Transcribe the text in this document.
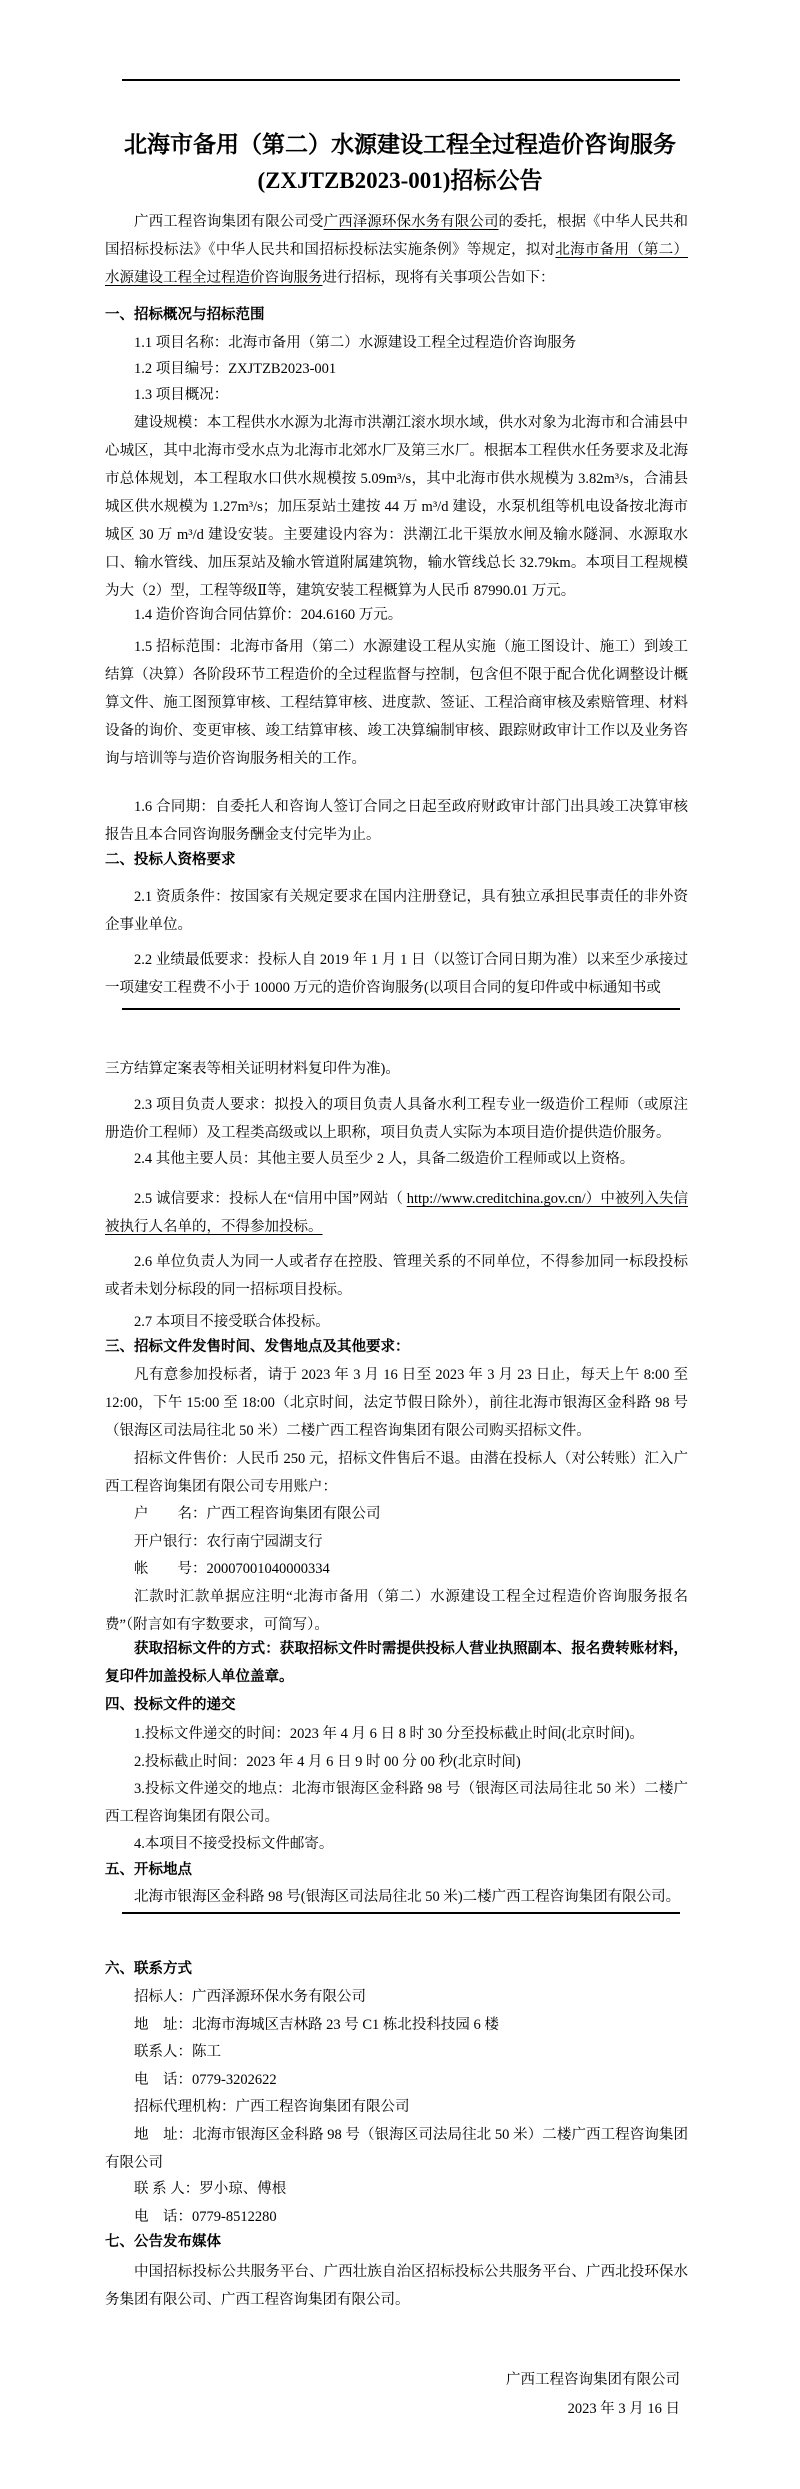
北海市备用（第二）水源建设工程全过程造价咨询服务
(ZXJTZB2023-001)招标公告

广西工程咨询集团有限公司受广西泽源环保水务有限公司的委托，根据《中华人民共和国招标投标法》《中华人民共和国招标投标法实施条例》等规定，拟对北海市备用（第二）水源建设工程全过程造价咨询服务进行招标，现将有关事项公告如下：

一、招标概况与招标范围

1.1 项目名称：北海市备用（第二）水源建设工程全过程造价咨询服务

1.2 项目编号：ZXJTZB2023-001

1.3 项目概况：

建设规模：本工程供水水源为北海市洪潮江滚水坝水域，供水对象为北海市和合浦县中心城区，其中北海市受水点为北海市北郊水厂及第三水厂。根据本工程供水任务要求及北海市总体规划，本工程取水口供水规模按 5.09m³/s，其中北海市供水规模为 3.82m³/s，合浦县城区供水规模为 1.27m³/s；加压泵站土建按 44 万 m³/d 建设，水泵机组等机电设备按北海市城区 30 万 m³/d 建设安装。主要建设内容为：洪潮江北干渠放水闸及输水隧洞、水源取水口、输水管线、加压泵站及输水管道附属建筑物，输水管线总长 32.79km。本项目工程规模为大（2）型，工程等级Ⅱ等，建筑安装工程概算为人民币 87990.01 万元。

1.4 造价咨询合同估算价：204.6160 万元。

1.5 招标范围：北海市备用（第二）水源建设工程从实施（施工图设计、施工）到竣工结算（决算）各阶段环节工程造价的全过程监督与控制，包含但不限于配合优化调整设计概算文件、施工图预算审核、工程结算审核、进度款、签证、工程洽商审核及索赔管理、材料设备的询价、变更审核、竣工结算审核、竣工决算编制审核、跟踪财政审计工作以及业务咨询与培训等与造价咨询服务相关的工作。

1.6 合同期：自委托人和咨询人签订合同之日起至政府财政审计部门出具竣工决算审核报告且本合同咨询服务酬金支付完毕为止。

二、投标人资格要求

2.1 资质条件：按国家有关规定要求在国内注册登记，具有独立承担民事责任的非外资企事业单位。

2.2 业绩最低要求：投标人自 2019 年 1 月 1 日（以签订合同日期为准）以来至少承接过一项建安工程费不小于 10000 万元的造价咨询服务(以项目合同的复印件或中标通知书或

三方结算定案表等相关证明材料复印件为准)。

2.3 项目负责人要求：拟投入的项目负责人具备水利工程专业一级造价工程师（或原注册造价工程师）及工程类高级或以上职称，项目负责人实际为本项目造价提供造价服务。

2.4 其他主要人员：其他主要人员至少 2 人，具备二级造价工程师或以上资格。

2.5 诚信要求：投标人在“信用中国”网站（ http://www.creditchina.gov.cn/）中被列入失信被执行人名单的，不得参加投标。

2.6 单位负责人为同一人或者存在控股、管理关系的不同单位，不得参加同一标段投标或者未划分标段的同一招标项目投标。

2.7 本项目不接受联合体投标。

三、招标文件发售时间、发售地点及其他要求：

凡有意参加投标者，请于 2023 年 3 月 16 日至 2023 年 3 月 23 日止，每天上午 8:00 至 12:00，下午 15:00 至 18:00（北京时间，法定节假日除外），前往北海市银海区金科路 98 号（银海区司法局往北 50 米）二楼广西工程咨询集团有限公司购买招标文件。

招标文件售价：人民币 250 元，招标文件售后不退。由潜在投标人（对公转账）汇入广西工程咨询集团有限公司专用账户：

户　　名：广西工程咨询集团有限公司

开户银行：农行南宁园湖支行

帐　　号：20007001040000334

汇款时汇款单据应注明“北海市备用（第二）水源建设工程全过程造价咨询服务报名费”（附言如有字数要求，可简写）。

获取招标文件的方式：获取招标文件时需提供投标人营业执照副本、报名费转账材料，复印件加盖投标人单位盖章。

四、投标文件的递交

1.投标文件递交的时间：2023 年 4 月 6 日 8 时 30 分至投标截止时间(北京时间)。

2.投标截止时间：2023 年 4 月 6 日 9 时 00 分 00 秒(北京时间)

3.投标文件递交的地点：北海市银海区金科路 98 号（银海区司法局往北 50 米）二楼广西工程咨询集团有限公司。

4.本项目不接受投标文件邮寄。

五、开标地点

北海市银海区金科路 98 号(银海区司法局往北 50 米)二楼广西工程咨询集团有限公司。

六、联系方式

招标人：广西泽源环保水务有限公司

地　址：北海市海城区吉林路 23 号 C1 栋北投科技园 6 楼

联系人：陈工

电　话：0779-3202622

招标代理机构：广西工程咨询集团有限公司

地　址：北海市银海区金科路 98 号（银海区司法局往北 50 米）二楼广西工程咨询集团有限公司

联 系 人：罗小琼、傅根

电　话：0779-8512280

七、公告发布媒体

中国招标投标公共服务平台、广西壮族自治区招标投标公共服务平台、广西北投环保水务集团有限公司、广西工程咨询集团有限公司。

广西工程咨询集团有限公司

2023 年 3 月 16 日
